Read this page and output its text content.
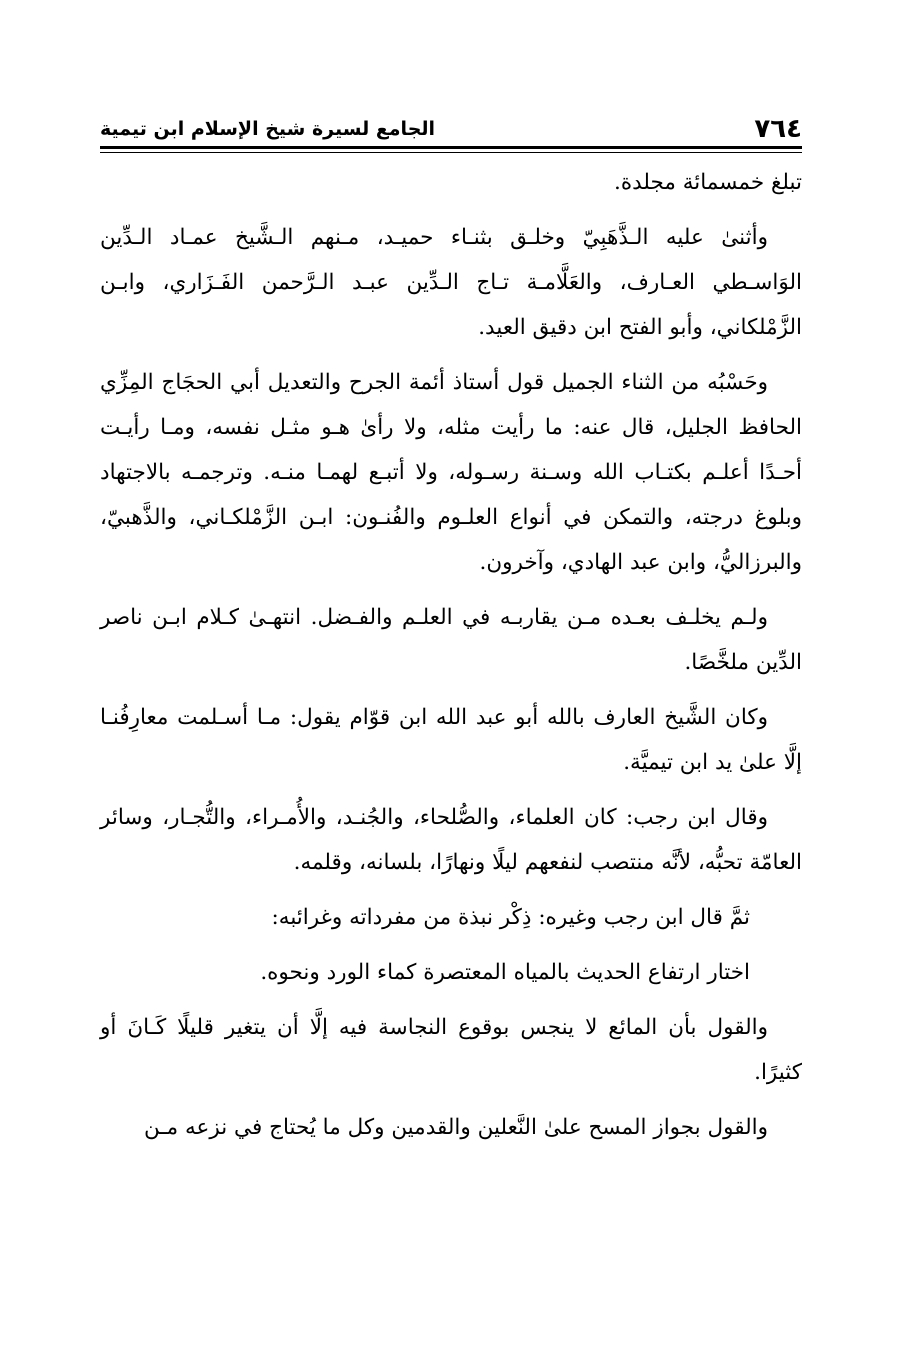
٧٦٤
الجامع لسيرة شيخ الإسلام ابن تيمية

تبلغ خمسمائة مجلدة.

وأثنىٰ عليه الـذَّهَبِيّ وخلـق بثنـاء حميـد، مـنهم الـشَّيخ عمـاد الـدِّين الوَاسـطي العـارف، والعَلَّامـة تـاج الـدِّين عبـد الـرَّحمن الفَـزَاري، وابـن الزَّمْلكاني، وأبو الفتح ابن دقيق العيد.

وحَسْبُه من الثناء الجميل قول أستاذ أئمة الجرح والتعديل أبي الحجَاج المِزِّي الحافظ الجليل، قال عنه: ما رأيت مثله، ولا رأىٰ هـو مثـل نفسه، ومـا رأيـت أحـدًا أعلـم بكتـاب الله وسـنة رسـوله، ولا أتبـع لهمـا منـه. وترجمـه بالاجتهاد وبلوغ درجته، والتمكن في أنواع العلـوم والفُنـون: ابـن الزَّمْلكـاني، والذَّهبيّ، والبرزاليُّ، وابن عبد الهادي، وآخرون.

ولـم يخلـف بعـده مـن يقاربـه في العلـم والفـضل. انتهـىٰ كـلام ابـن ناصر الدِّين ملخَّصًا.

وكان الشَّيخ العارف بالله أبو عبد الله ابن قوّام يقول: مـا أسـلمت معارِفُنـا إلَّا علىٰ يد ابن تيميَّة.

وقال ابن رجب: كان العلماء، والصُّلحاء، والجُنـد، والأُمـراء، والتُّجـار، وسائر العامّة تحبُّه، لأنَّه منتصب لنفعهم ليلًا ونهارًا، بلسانه، وقلمه.

ثمَّ قال ابن رجب وغيره: ذِكْر نبذة من مفرداته وغرائبه:

اختار ارتفاع الحديث بالمياه المعتصرة كماء الورد ونحوه.

والقول بأن المائع لا ينجس بوقوع النجاسة فيه إلَّا أن يتغير قليلًا كَـانَ أو كثيرًا.

والقول بجواز المسح علىٰ النَّعلين والقدمين وكل ما يُحتاج في نزعه مـن
